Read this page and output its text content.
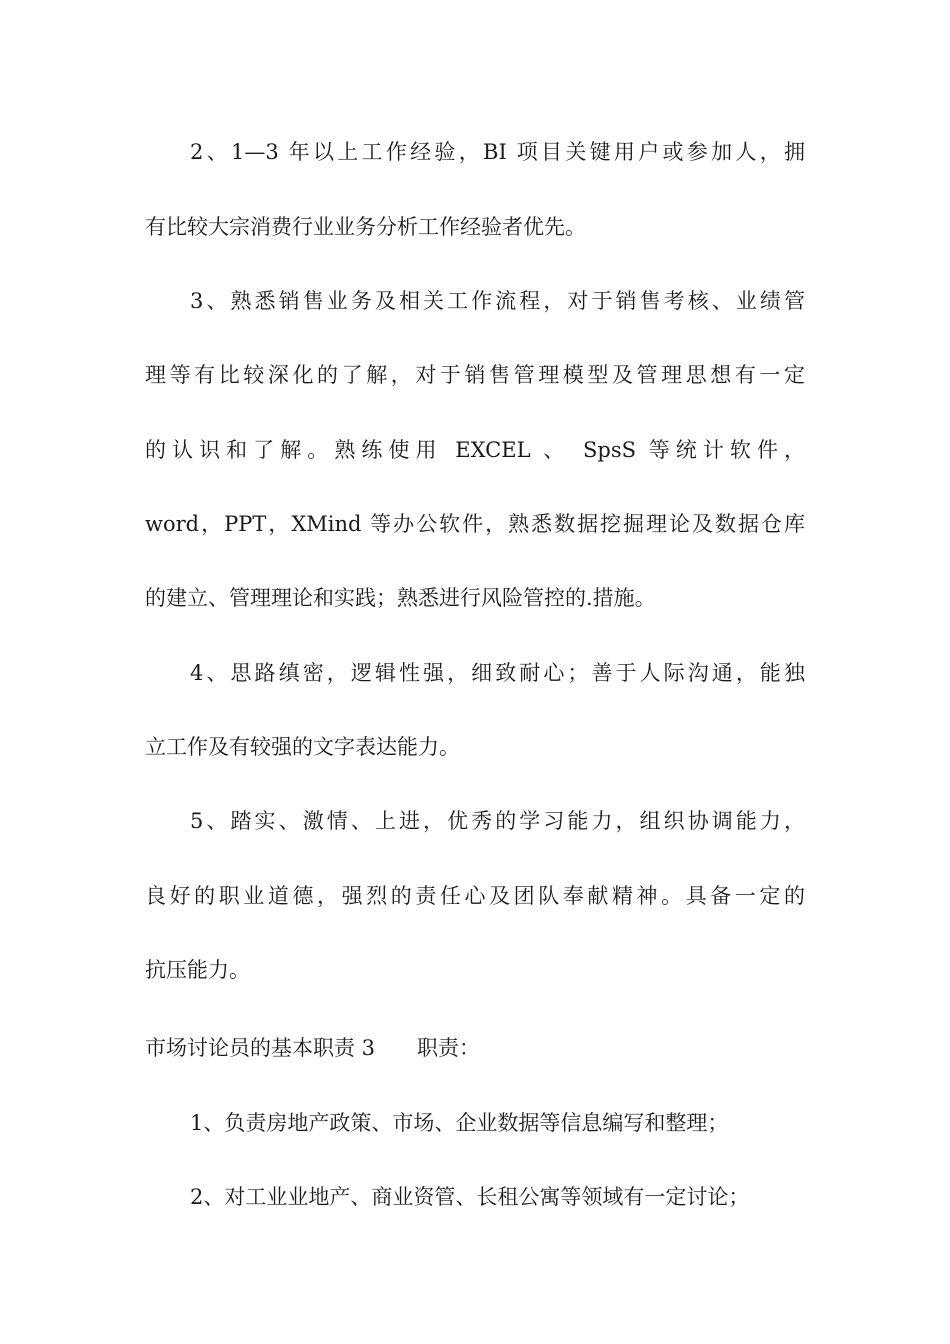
2、1—3 年以上工作经验，BI 项目关键用户或参加人，拥
有比较大宗消费行业业务分析工作经验者优先。
3、熟悉销售业务及相关工作流程，对于销售考核、业绩管
理等有比较深化的了解，对于销售管理模型及管理思想有一定
的认识和了解。熟练使用 EXCEL 、 SpsS 等统计软件，
word，PPT，XMind 等办公软件，熟悉数据挖掘理论及数据仓库
的建立、管理理论和实践；熟悉进行风险管控的.措施。
4、思路缜密，逻辑性强，细致耐心；善于人际沟通，能独
立工作及有较强的文字表达能力。
5、踏实、激情、上进，优秀的学习能力，组织协调能力，
良好的职业道德，强烈的责任心及团队奉献精神。具备一定的
抗压能力。
市场讨论员的基本职责 3　　职责：
1、负责房地产政策、市场、企业数据等信息编写和整理；
2、对工业业地产、商业资管、长租公寓等领域有一定讨论；
